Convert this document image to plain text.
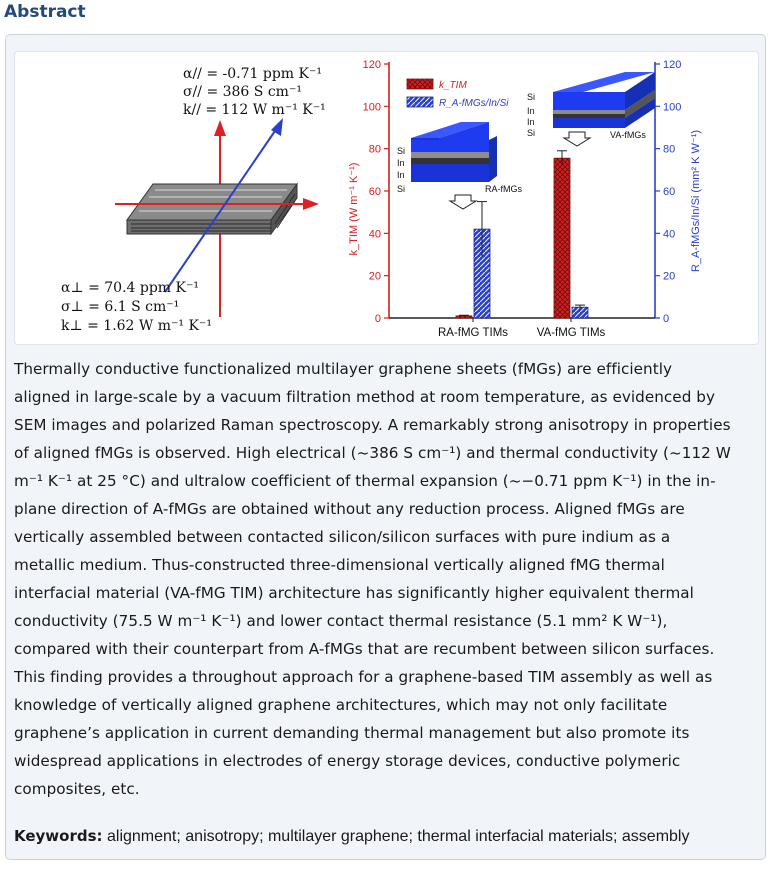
Abstract
α// = -0.71 ppm K⁻¹
σ// = 386 S cm⁻¹
k// = 112 W m⁻¹ K⁻¹
α⊥ = 70.4 ppm K⁻¹
σ⊥ = 6.1 S cm⁻¹
k⊥ = 1.62 W m⁻¹ K⁻¹	0
20
40
60
80
100
120
k_TIM (W m⁻¹ K⁻¹)
0
20
40
60
80
100
120
R_A-fMGs/In/Si (mm² K W⁻¹)
RA-fMG TIMs VA-fMG TIMs
k_TIM
R_A-fMGs/In/Si
Si
In
In
Si	RA-fMGs
Si
In
In
Si	VA-fMGs
Thermally conductive functionalized multilayer graphene sheets (fMGs) are efficiently
aligned in large-scale by a vacuum filtration method at room temperature, as evidenced by
SEM images and polarized Raman spectroscopy. A remarkably strong anisotropy in properties
of aligned fMGs is observed. High electrical (~386 S cm⁻¹) and thermal conductivity (~112 W
m⁻¹ K⁻¹ at 25 °C) and ultralow coefficient of thermal expansion (~−0.71 ppm K⁻¹) in the in-
plane direction of A-fMGs are obtained without any reduction process. Aligned fMGs are
vertically assembled between contacted silicon/silicon surfaces with pure indium as a
metallic medium. Thus-constructed three-dimensional vertically aligned fMG thermal
interfacial material (VA-fMG TIM) architecture has significantly higher equivalent thermal
conductivity (75.5 W m⁻¹ K⁻¹) and lower contact thermal resistance (5.1 mm² K W⁻¹),
compared with their counterpart from A-fMGs that are recumbent between silicon surfaces.
This finding provides a throughout approach for a graphene-based TIM assembly as well as
knowledge of vertically aligned graphene architectures, which may not only facilitate
graphene’s application in current demanding thermal management but also promote its
widespread applications in electrodes of energy storage devices, conductive polymeric
composites, etc.
Keywords: alignment; anisotropy; multilayer graphene; thermal interfacial materials; assembly
